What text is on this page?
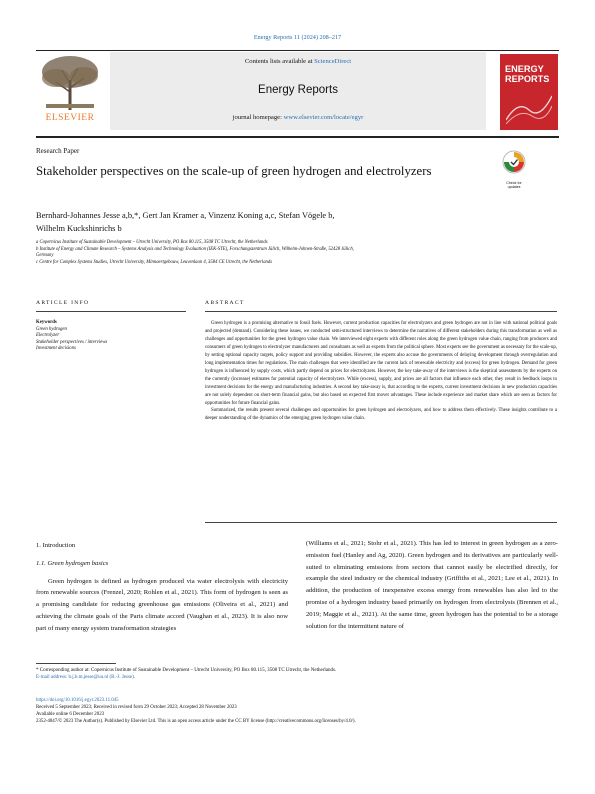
Energy Reports 11 (2024) 208–217
ELSEVIER
Contents lists available at ScienceDirect
Energy Reports
journal homepage: www.elsevier.com/locate/egyr
ENERGY REPORTS
Research Paper
Stakeholder perspectives on the scale-up of green hydrogen and electrolyzers
Check for updates
Bernhard-Johannes Jesse a,b,*, Gert Jan Kramer a, Vinzenz Koning a,c, Stefan Vögele b,
Wilhelm Kuckshinrichs b
a Copernicus Institute of Sustainable Development – Utrecht University, PO Box 80.115, 3508 TC Utrecht, the Netherlands
b Institute of Energy and Climate Research – Systems Analysis and Technology Evaluation (IEK-STE), Forschungszentrum Jülich, Wilhelm-Johnen-Straße, 52428 Jülich,
Germany
c Centre for Complex Systems Studies, Utrecht University, Minnaertgebouw, Leuvenlaan 4, 3584 CE Utrecht, the Netherlands
ARTICLE INFO	ABSTRACT
Keywords
Green hydrogen
Electrolyzer
Stakeholder perspectives / interviews
Investment decisions

Green hydrogen is a promising alternative to fossil fuels. However, current production capacities for electrolyzers and green hydrogen are not in line with national political goals and projected (demand). Considering these issues, we conducted semi-structured interviews to determine the narratives of different stakeholders during this transformation as well as challenges and opportunities for the green hydrogen value chain. We interviewed eight experts with different roles along the green hydrogen value chain, ranging from producers and consumers of green hydrogen to electrolyzer manufacturers and consultants as well as experts from the political sphere. Most experts see the government as necessary for the scale-up, by setting optional capacity targets, policy support and providing subsidies. However, the experts also accuse the governments of delaying development through overregulation and long implementation times for regulations. The main challenges that were identified are the current lack of renewable electricity and (excess) for green hydrogen. Demand for green hydrogen is influenced by supply costs, which partly depend on prices for electrolyzers. However, the key take-away of the interviews is the skeptical assessments by the experts on the currently (increase) estimates for potential capacity of electrolyzers. While (excess), supply, and prices are all factors that influence each other, they result in feedback loops to investment decisions for the energy and manufacturing industries. A second key take-away is, that according to the experts, current investment decisions in new production capacities are not solely dependent on short-term financial gains, but also based on expected first mover advantages. These include experience and market share which are seen as factors for opportunities for future financial gains.

Summarized, the results present several challenges and opportunities for green hydrogen and electrolyzers, and how to address them effectively. These insights contribute to a deeper understanding of the dynamics of the emerging green hydrogen value chain.

1. Introduction
1.1. Green hydrogen basics

Green hydrogen is defined as hydrogen produced via water electrolysis with electricity from renewable sources (Frenzel, 2020; Rohlen et al., 2021). This form of hydrogen is seen as a promising candidate for reducing greenhouse gas emissions (Oliveira et al., 2021) and achieving the climate goals of the Paris climate accord (Vaughan et al., 2023). It is also now part of many energy system transformation strategies

(Williams et al., 2021; Stohr et al., 2021). This has led to interest in green hydrogen as a zero-emission fuel (Hanley and Ag, 2020). Green hydrogen and its derivatives are particularly well-suited to eliminating emissions from sectors that cannot easily be electrified directly, for example the steel industry or the chemical industry (Griffiths et al., 2021; Lee et al., 2021). In addition, the production of inexpensive excess energy from renewables has also led to the promise of a hydrogen industry based primarily on hydrogen from electrolysis (Brennen et al., 2019; Maggie et al., 2021). At the same time, green hydrogen has the potential to be a storage solution for the intermittent nature of

* Corresponding author at: Copernicus Institute of Sustainable Development – Utrecht University, PO Box 80.115, 3508 TC Utrecht, the Netherlands.
E-mail address: b.j.b.m.jesse@uu.nl (B.-J. Jesse).
https://doi.org/10.1016/j.egyr.2023.11.045
Received 5 September 2023; Received in revised form 29 October 2023; Accepted 28 November 2023
Available online 6 December 2023
2352-4847/© 2023 The Author(s). Published by Elsevier Ltd. This is an open access article under the CC BY license (http://creativecommons.org/licenses/by/4.0/).
